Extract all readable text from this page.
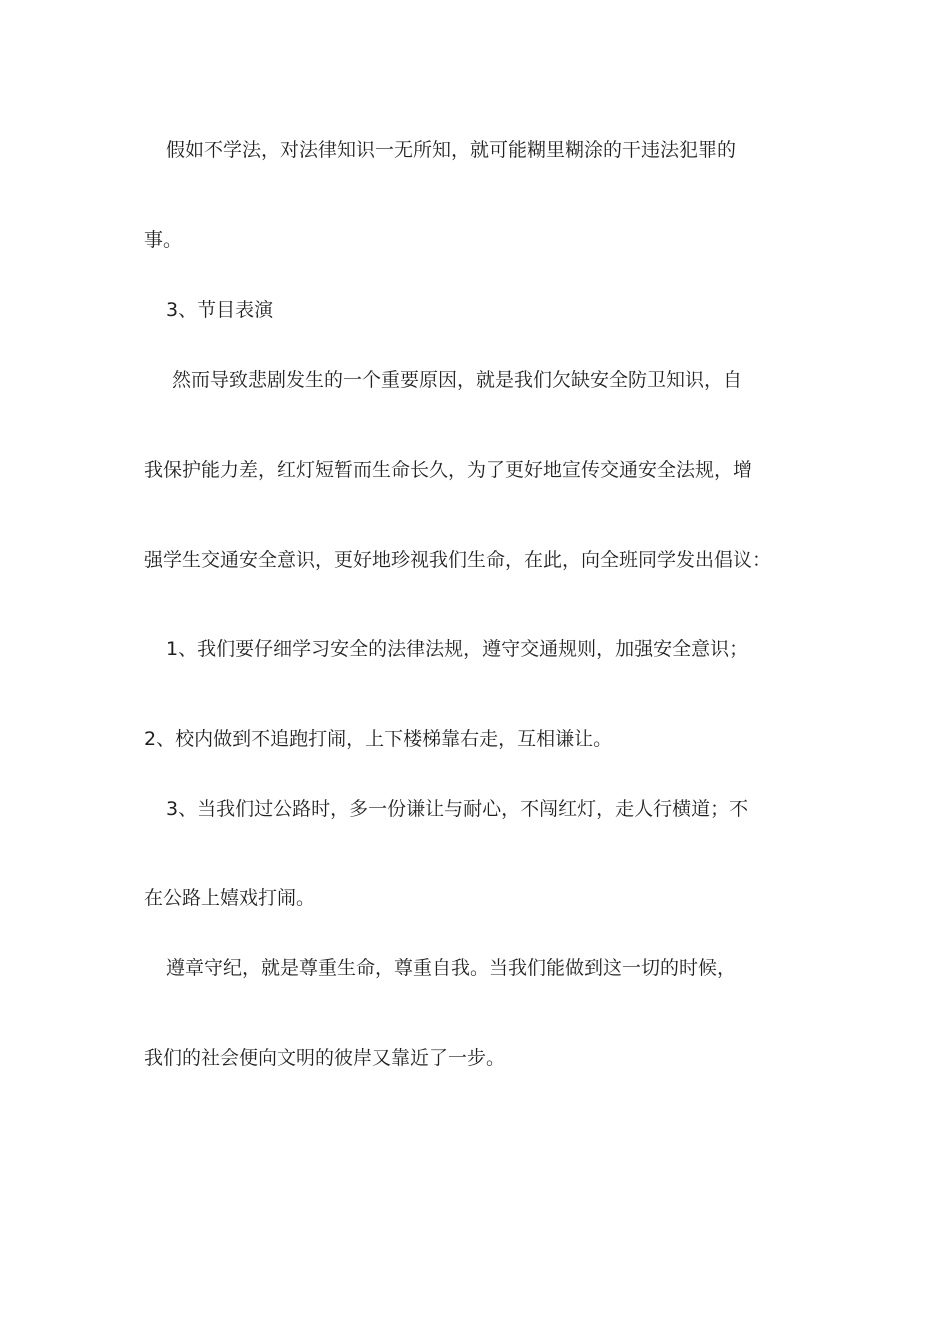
假如不学法，对法律知识一无所知，就可能糊里糊涂的干违法犯罪的
事。
3、节目表演
然而导致悲剧发生的一个重要原因，就是我们欠缺安全防卫知识，自
我保护能力差，红灯短暂而生命长久，为了更好地宣传交通安全法规，增
强学生交通安全意识，更好地珍视我们生命，在此，向全班同学发出倡议：
1、我们要仔细学习安全的法律法规，遵守交通规则，加强安全意识；
2、校内做到不追跑打闹，上下楼梯靠右走，互相谦让。
3、当我们过公路时，多一份谦让与耐心，不闯红灯，走人行横道；不
在公路上嬉戏打闹。
遵章守纪，就是尊重生命，尊重自我。当我们能做到这一切的时候，
我们的社会便向文明的彼岸又靠近了一步。
